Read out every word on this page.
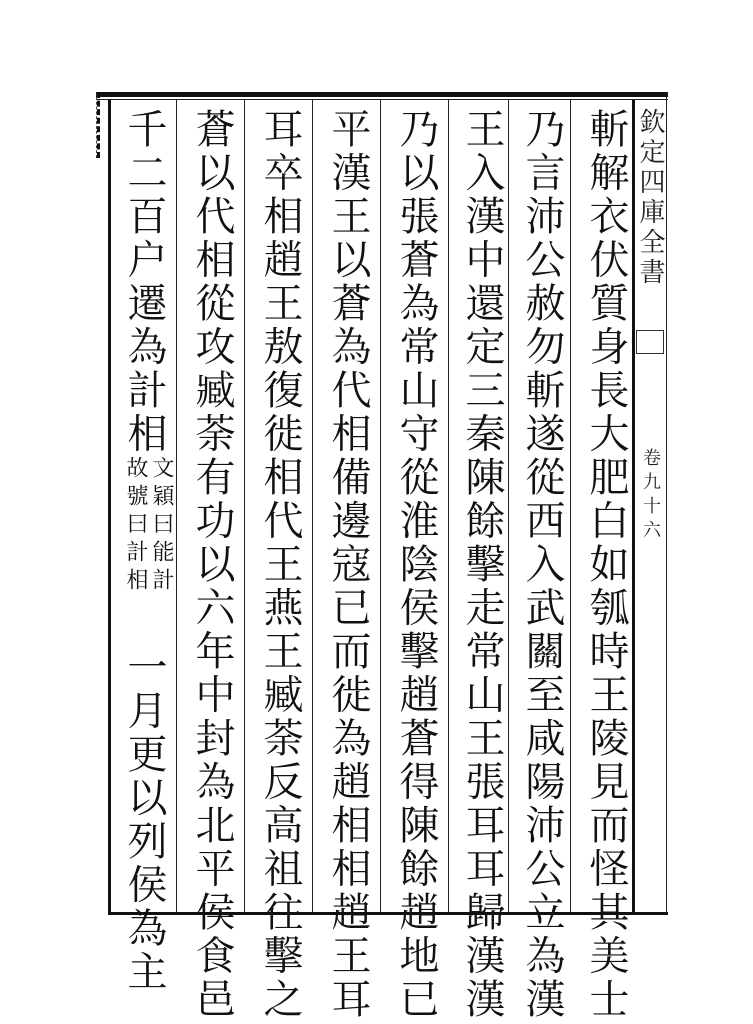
欽定四庫全書
卷九十六
斬解衣伏質身長大肥白如瓠時王陵見而怪其美士
乃言沛公赦勿斬遂從西入武關至咸陽沛公立為漢
王入漢中還定三秦陳餘擊走常山王張耳耳歸漢漢
乃以張蒼為常山守從淮陰侯擊趙蒼得陳餘趙地已
平漢王以蒼為代相備邊寇已而徙為趙相相趙王耳
耳卒相趙王敖復徙相代王燕王臧荼反高祖往擊之
蒼以代相從攻臧荼有功以六年中封為北平侯食邑
千二百户遷為計相
文穎曰能計
故號曰計相
一月更以列侯為主
